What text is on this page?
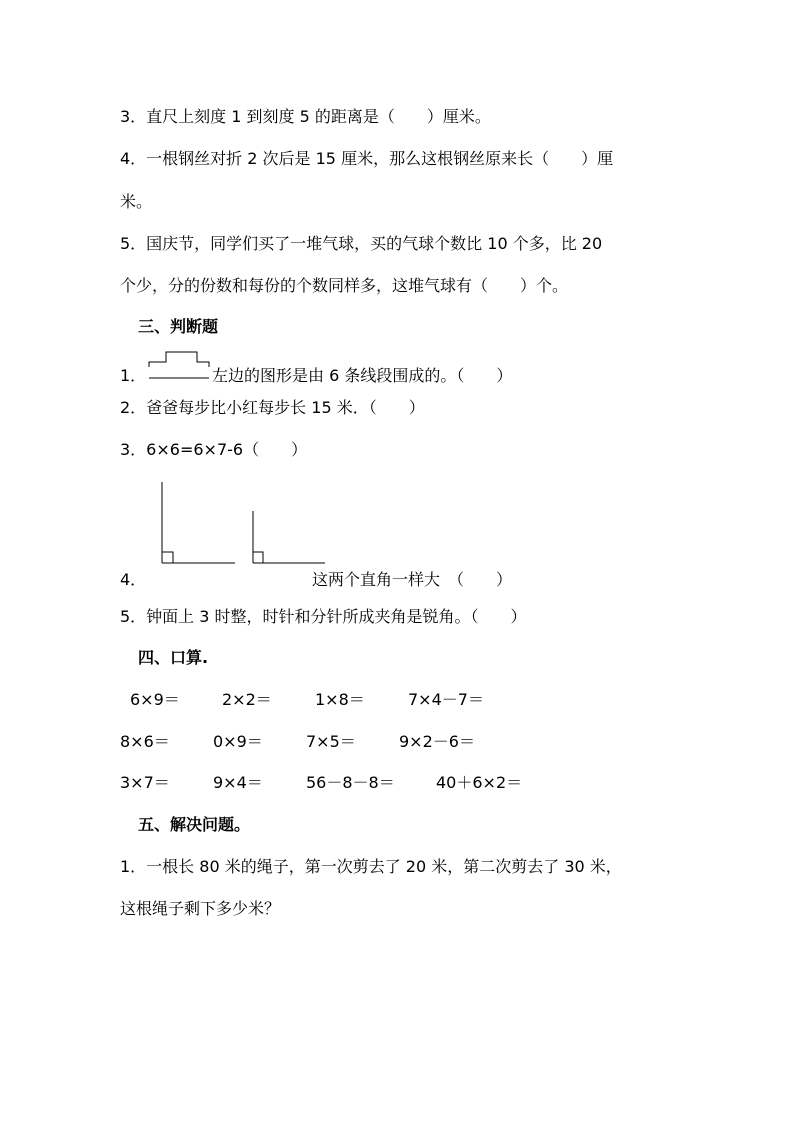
3．直尺上刻度 1 到刻度 5 的距离是（　　）厘米。
4．一根钢丝对折 2 次后是 15 厘米，那么这根钢丝原来长（　　）厘
米。
5．国庆节，同学们买了一堆气球，买的气球个数比 10 个多，比 20
个少，分的份数和每份的个数同样多，这堆气球有（　　）个。
三、判断题
1．	左边的图形是由 6 条线段围成的。（　　）
2．爸爸每步比小红每步长 15 米．（　　）
3．6×6=6×7-6（　　）
4．	这两个直角一样大　（　　）
5．钟面上 3 时整，时针和分针所成夹角是锐角。（　　）
四、口算.
6×9＝	2×2＝	1×8＝	7×4－7＝
8×6＝	0×9＝	7×5＝	9×2－6＝
3×7＝	9×4＝	56－8－8＝	40＋6×2＝
五、解决问题。
1．一根长 80 米的绳子，第一次剪去了 20 米，第二次剪去了 30 米，
这根绳子剩下多少米？
